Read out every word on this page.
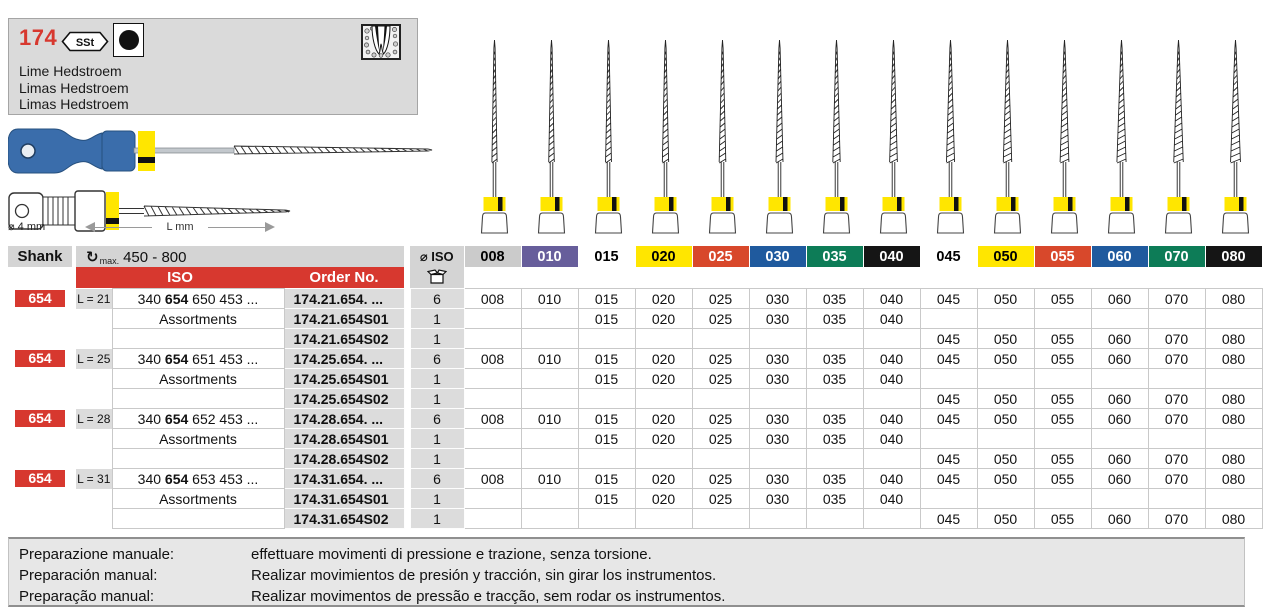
174 SSt
Lime Hedstroem
Limas Hedstroem
Limas Hedstroem
⌀ 4 mm	L mm
Shank		↻max. 450 - 800				⌀ ISO	008	010	015	020	025	030	035	040	045	050	055	060	070	080
		ISO		Order No.			
654		L = 21	340 654 650 453 ...	174.21.654. ...		6	008	010	015	020	025	030	035	040	045	050	055	060	070	080
			Assortments	174.21.654S01		1			015	020	025	030	035	040						
				174.21.654S02		1									045	050	055	060	070	080
654		L = 25	340 654 651 453 ...	174.25.654. ...		6	008	010	015	020	025	030	035	040	045	050	055	060	070	080
			Assortments	174.25.654S01		1			015	020	025	030	035	040						
				174.25.654S02		1									045	050	055	060	070	080
654		L = 28	340 654 652 453 ...	174.28.654. ...		6	008	010	015	020	025	030	035	040	045	050	055	060	070	080
			Assortments	174.28.654S01		1			015	020	025	030	035	040						
				174.28.654S02		1									045	050	055	060	070	080
654		L = 31	340 654 653 453 ...	174.31.654. ...		6	008	010	015	020	025	030	035	040	045	050	055	060	070	080
			Assortments	174.31.654S01		1			015	020	025	030	035	040						
				174.31.654S02		1									045	050	055	060	070	080
Preparazione manuale:	effettuare movimenti di pressione e trazione, senza torsione.
Preparación manual:	Realizar movimientos de presión y tracción, sin girar los instrumentos.
Preparação manual:	Realizar movimentos de pressão e tracção, sem rodar os instrumentos.
